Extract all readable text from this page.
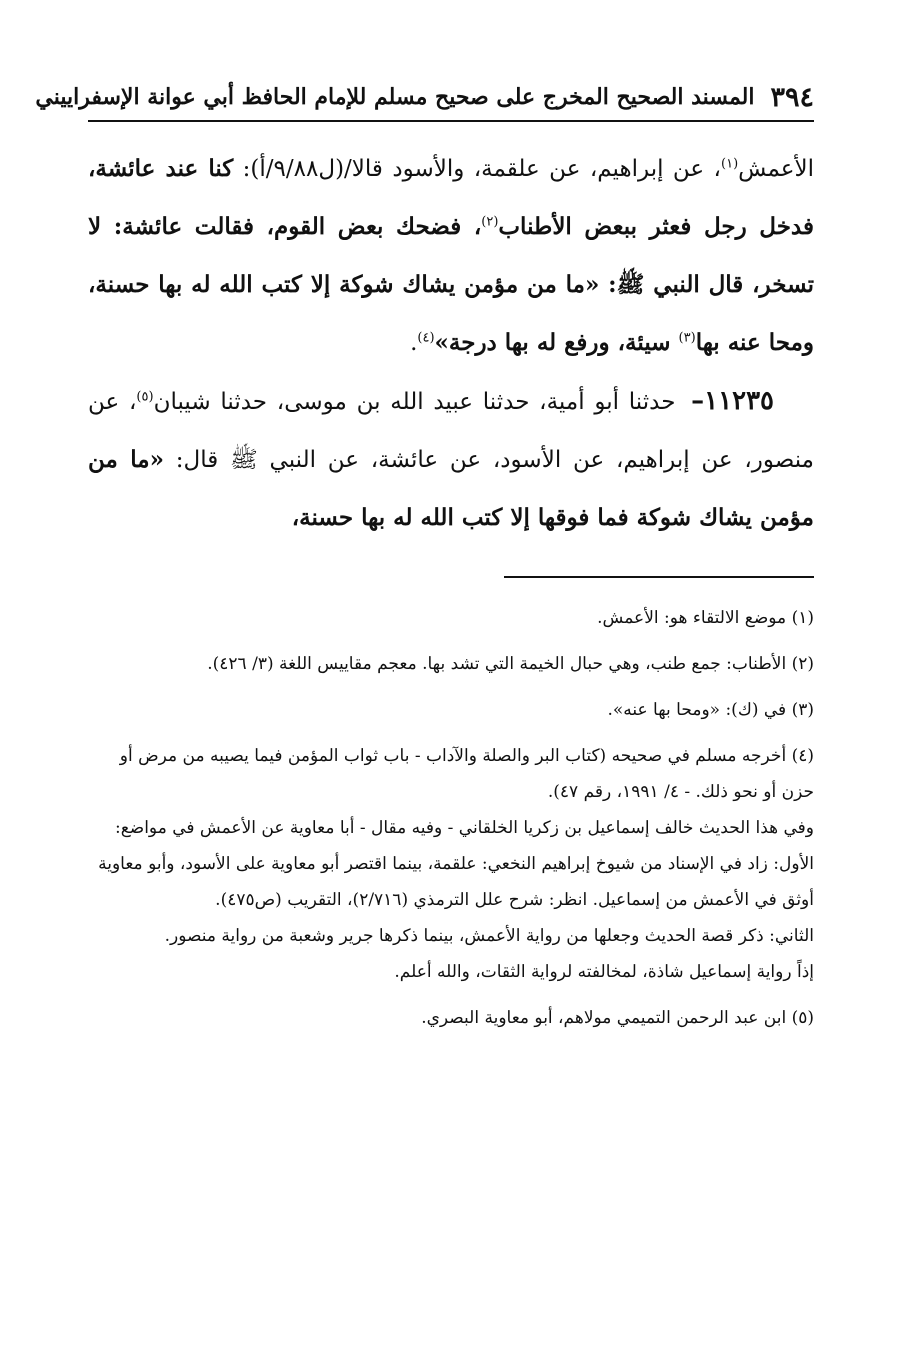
٣٩٤
المسند الصحيح المخرج على صحيح مسلم للإمام الحافظ أبي عوانة الإسفراييني

الأعمش$^{(١)}$، عن إبراهيم، عن علقمة، والأسود قالا/(ل٩/٨٨/أ): كنا عند عائشة، فدخل رجل فعثر ببعض الأطناب$^{(٢)}$، فضحك بعض القوم، فقالت عائشة: لا تسخر، قال النبي ﷺ: «ما من مؤمن يشاك شوكة إلا كتب الله له بها حسنة، ومحا عنه بها$^{(٣)}$ سيئة، ورفع له بها درجة»$^{(٤)}$.

١١٢٣٥– حدثنا أبو أمية، حدثنا عبيد الله بن موسى، حدثنا شيبان$^{(٥)}$، عن منصور، عن إبراهيم، عن الأسود، عن عائشة، عن النبي ﷺ قال: «ما من مؤمن يشاك شوكة فما فوقها إلا كتب الله له بها حسنة،

(١) موضع الالتقاء هو: الأعمش.

(٢) الأطناب: جمع طنب، وهي حبال الخيمة التي تشد بها. معجم مقاييس اللغة (٣/ ٤٢٦).

(٣) في (ك): «ومحا بها عنه».

(٤) أخرجه مسلم في صحيحه (كتاب البر والصلة والآداب - باب ثواب المؤمن فيما يصيبه من مرض أو حزن أو نحو ذلك. - ٤/ ١٩٩١، رقم ٤٧).

وفي هذا الحديث خالف إسماعيل بن زكريا الخلقاني - وفيه مقال - أبا معاوية عن الأعمش في مواضع:

الأول: زاد في الإسناد من شيوخ إبراهيم النخعي: علقمة، بينما اقتصر أبو معاوية على الأسود، وأبو معاوية أوثق في الأعمش من إسماعيل. انظر: شرح علل الترمذي (٢/٧١٦)، التقريب (ص٤٧٥).

الثاني: ذكر قصة الحديث وجعلها من رواية الأعمش، بينما ذكرها جرير وشعبة من رواية منصور.

إذاً رواية إسماعيل شاذة، لمخالفته لرواية الثقات، والله أعلم.

(٥) ابن عبد الرحمن التميمي مولاهم، أبو معاوية البصري.
